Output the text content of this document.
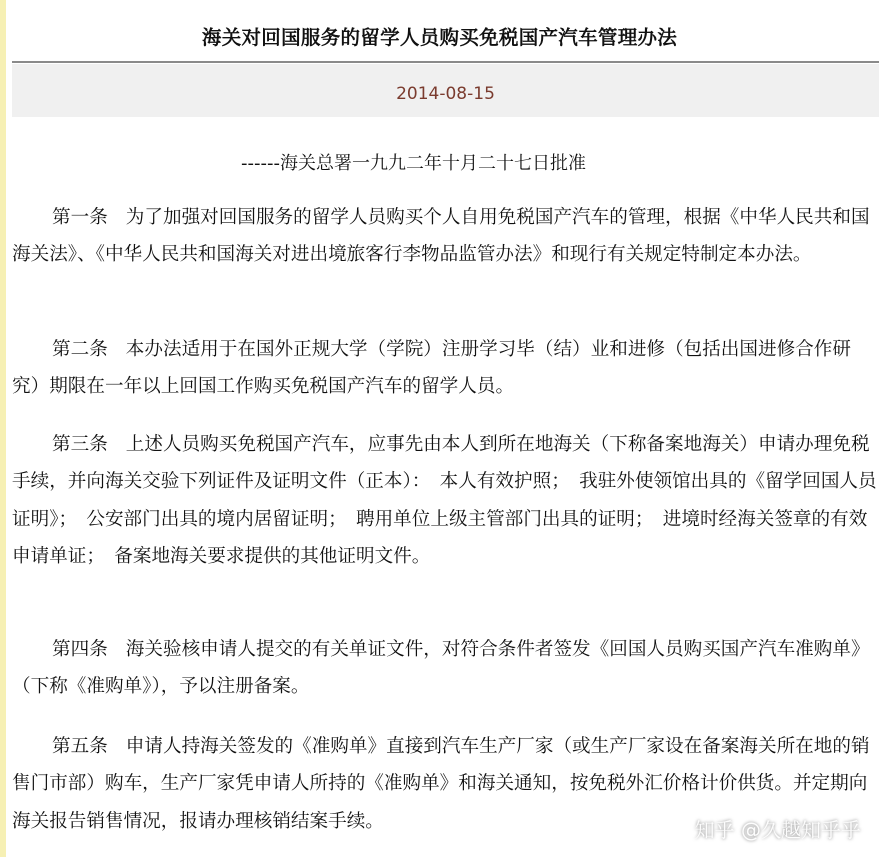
海关对回国服务的留学人员购买免税国产汽车管理办法
2014-08-15
------海关总署一九九二年十月二十七日批准

第一条 为了加强对回国服务的留学人员购买个人自用免税国产汽车的管理，根据《中华人民共和国海关法》、《中华人民共和国海关对进出境旅客行李物品监管办法》和现行有关规定特制定本办法。

第二条 本办法适用于在国外正规大学（学院）注册学习毕（结）业和进修（包括出国进修合作研究）期限在一年以上回国工作购买免税国产汽车的留学人员。

第三条 上述人员购买免税国产汽车，应事先由本人到所在地海关（下称备案地海关）申请办理免税手续，并向海关交验下列证件及证明文件（正本）：　本人有效护照；　我驻外使领馆出具的《留学回国人员证明》；　公安部门出具的境内居留证明；　聘用单位上级主管部门出具的证明；　进境时经海关签章的有效申请单证；　备案地海关要求提供的其他证明文件。

第四条 海关验核申请人提交的有关单证文件，对符合条件者签发《回国人员购买国产汽车准购单》（下称《准购单》），予以注册备案。

第五条 申请人持海关签发的《准购单》直接到汽车生产厂家（或生产厂家设在备案海关所在地的销售门市部）购车，生产厂家凭申请人所持的《准购单》和海关通知，按免税外汇价格计价供货。并定期向海关报告销售情况，报请办理核销结案手续。	知乎 @久越知乎乎
